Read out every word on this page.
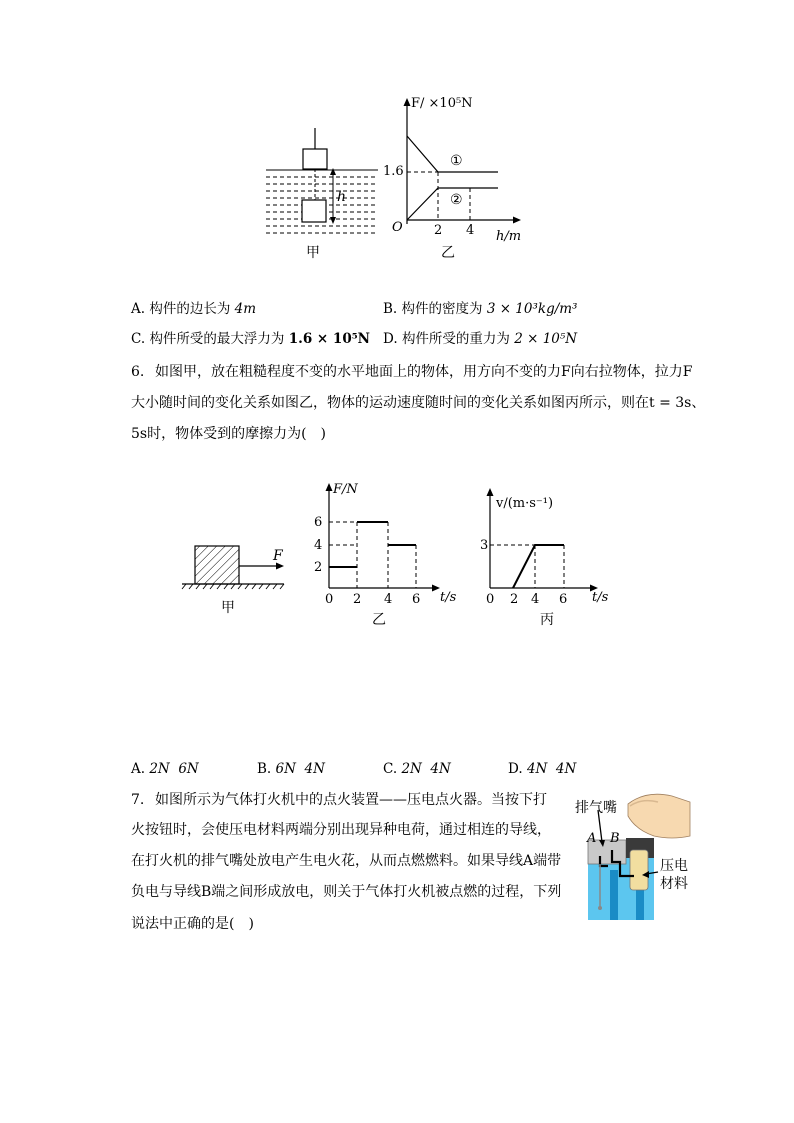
h
甲
F/ ×10⁵N
1.6
O 2 4 h/m
①
②
乙
A. 构件的边长为 4m	B. 构件的密度为 3 × 10³kg/m³
C. 构件所受的最大浮力为 1.6 × 10⁵N D. 构件所受的重力为 2 × 10⁵N
6. 如图甲，放在粗糙程度不变的水平地面上的物体，用方向不变的力F向右拉物体，拉力F
大小随时间的变化关系如图乙，物体的运动速度随时间的变化关系如图丙所示，则在t = 3s、
5s时，物体受到的摩擦力为(　)
F
甲
F/N
6
4
2
0 2 4 6 t/s
乙
v/(m·s⁻¹)
3
0 2 4 6 t/s
丙
A. 2N  6N	B. 6N  4N	C. 2N  4N	D. 4N  4N
7. 如图所示为气体打火机中的点火装置——压电点火器。当按下打
火按钮时，会使压电材料两端分别出现异种电荷，通过相连的导线，
在打火机的排气嘴处放电产生电火花，从而点燃燃料。如果导线A端带
负电与导线B端之间形成放电，则关于气体打火机被点燃的过程，下列
说法中正确的是(　)
排气嘴
A B
压电
材料
